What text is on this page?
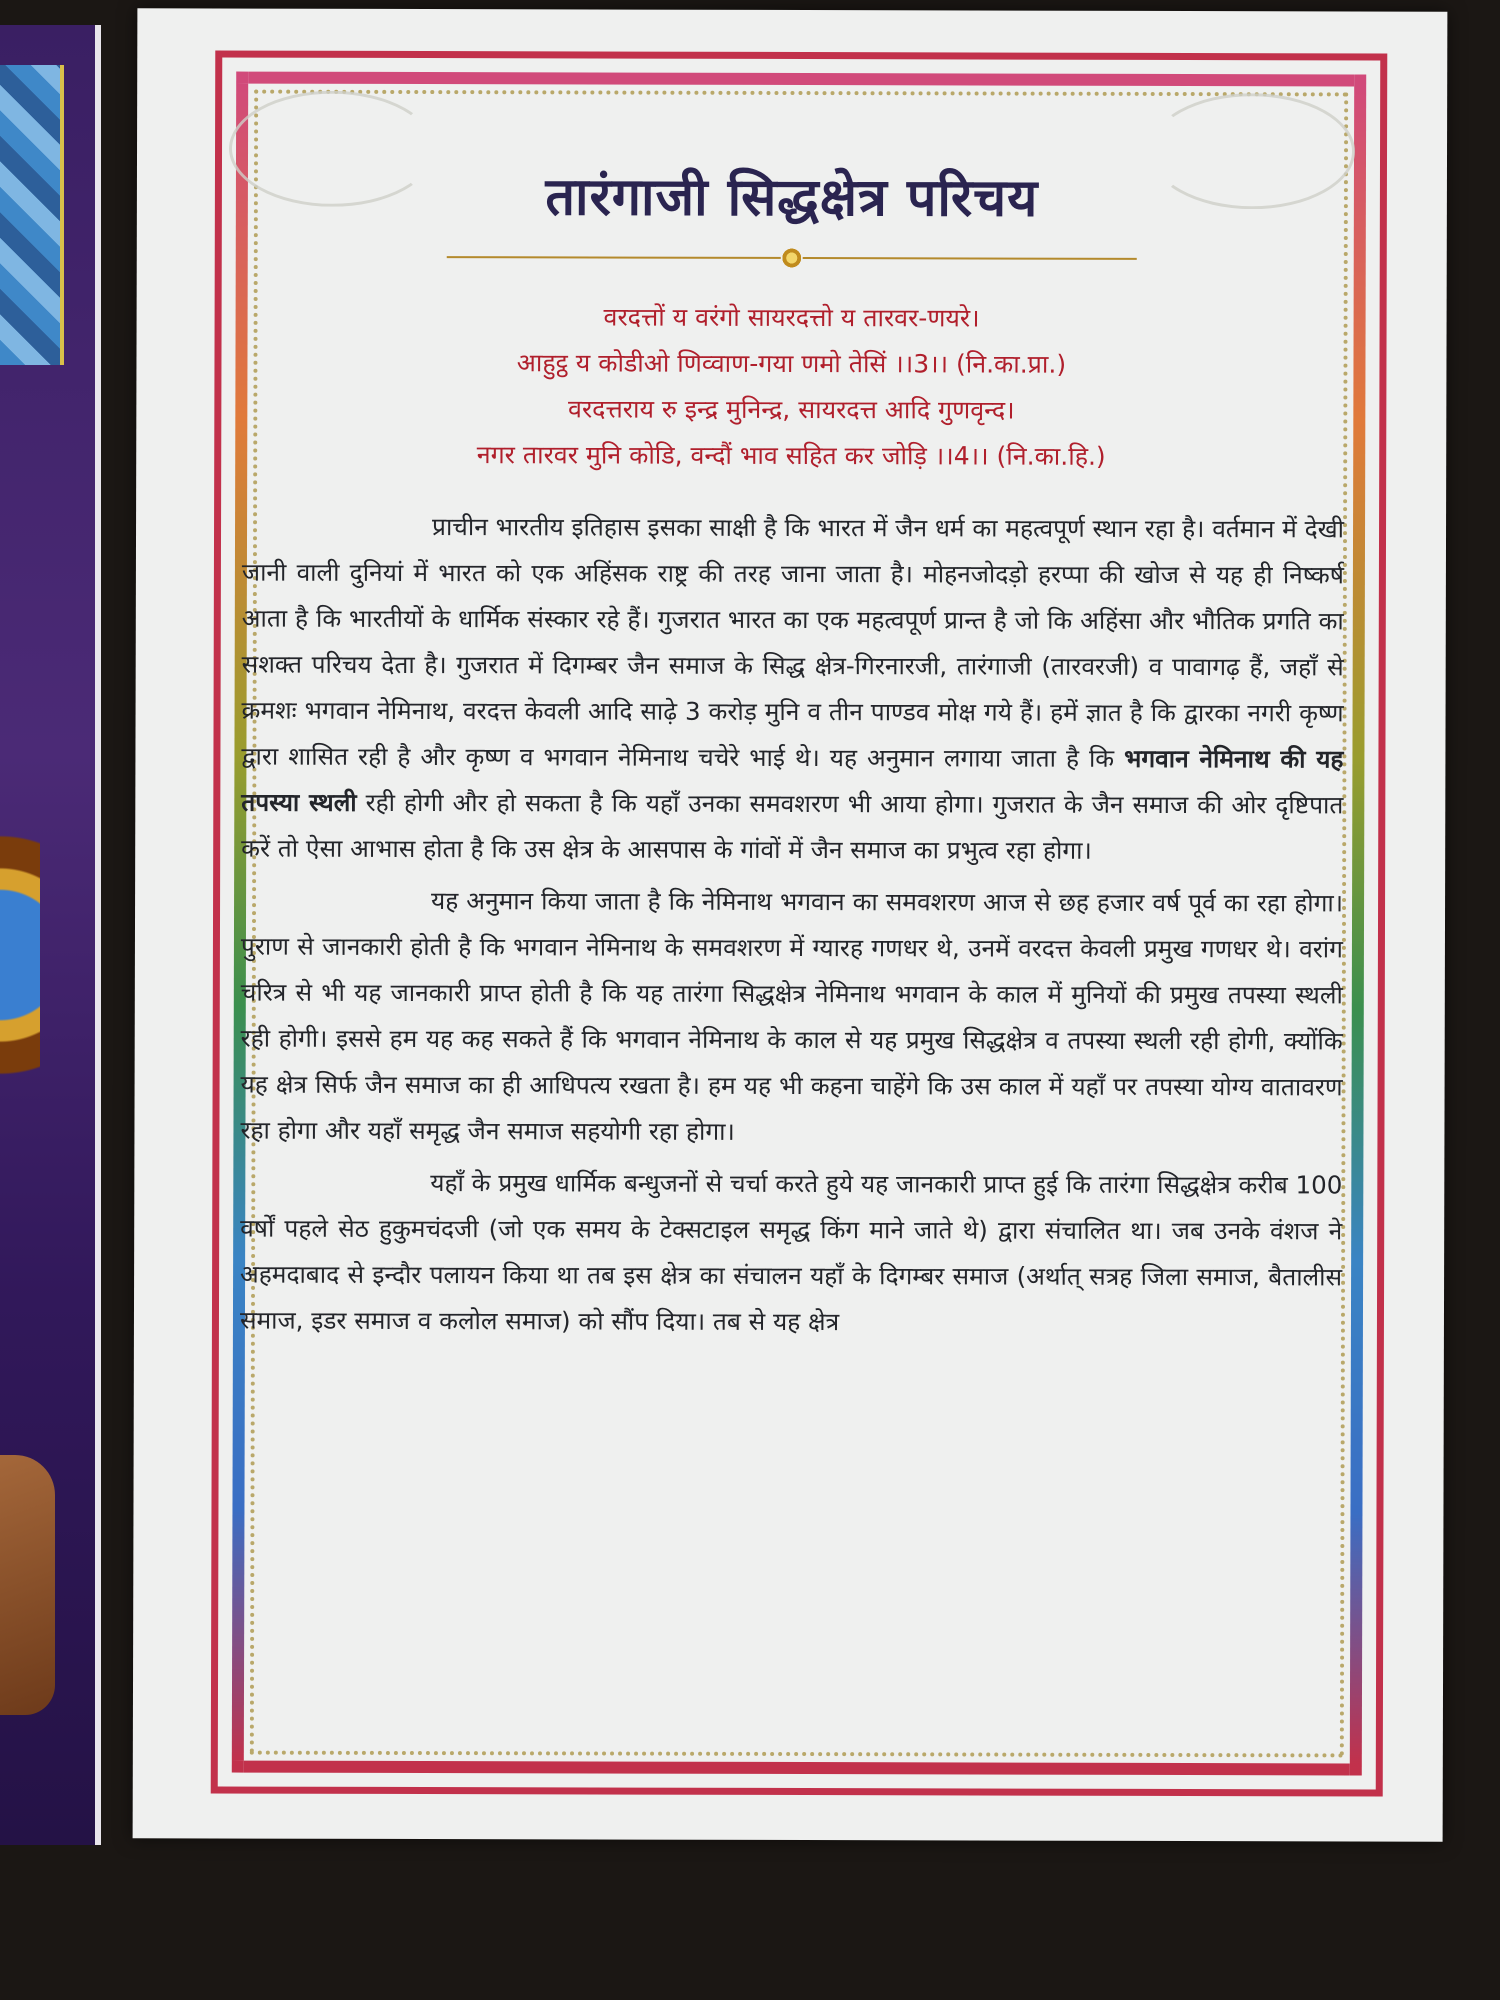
तारंगाजी सिद्धक्षेत्र परिचय
वरदत्तों य वरंगो सायरदत्तो य तारवर-णयरे।
आहुट्ठ य कोडीओ णिव्वाण-गया णमो तेसिं ।।3।। (नि.का.प्रा.)
वरदत्तराय रु इन्द्र मुनिन्द्र, सायरदत्त आदि गुणवृन्द।
नगर तारवर मुनि कोडि, वन्दौं भाव सहित कर जोड़ि ।।4।। (नि.का.हि.)

प्राचीन भारतीय इतिहास इसका साक्षी है कि भारत में जैन धर्म का महत्वपूर्ण स्थान रहा है। वर्तमान में देखी जानी वाली दुनियां में भारत को एक अहिंसक राष्ट्र की तरह जाना जाता है। मोहनजोदड़ो हरप्पा की खोज से यह ही निष्कर्ष आता है कि भारतीयों के धार्मिक संस्कार रहे हैं। गुजरात भारत का एक महत्वपूर्ण प्रान्त है जो कि अहिंसा और भौतिक प्रगति का सशक्त परिचय देता है। गुजरात में दिगम्बर जैन समाज के सिद्ध क्षेत्र-गिरनारजी, तारंगाजी (तारवरजी) व पावागढ़ हैं, जहाँ से क्रमशः भगवान नेमिनाथ, वरदत्त केवली आदि साढ़े 3 करोड़ मुनि व तीन पाण्डव मोक्ष गये हैं। हमें ज्ञात है कि द्वारका नगरी कृष्ण द्वारा शासित रही है और कृष्ण व भगवान नेमिनाथ चचेरे भाई थे। यह अनुमान लगाया जाता है कि भगवान नेमिनाथ की यह तपस्या स्थली रही होगी और हो सकता है कि यहाँ उनका समवशरण भी आया होगा। गुजरात के जैन समाज की ओर दृष्टिपात करें तो ऐसा आभास होता है कि उस क्षेत्र के आसपास के गांवों में जैन समाज का प्रभुत्व रहा होगा।

यह अनुमान किया जाता है कि नेमिनाथ भगवान का समवशरण आज से छह हजार वर्ष पूर्व का रहा होगा। पुराण से जानकारी होती है कि भगवान नेमिनाथ के समवशरण में ग्यारह गणधर थे, उनमें वरदत्त केवली प्रमुख गणधर थे। वरांग चरित्र से भी यह जानकारी प्राप्त होती है कि यह तारंगा सिद्धक्षेत्र नेमिनाथ भगवान के काल में मुनियों की प्रमुख तपस्या स्थली रही होगी। इससे हम यह कह सकते हैं कि भगवान नेमिनाथ के काल से यह प्रमुख सिद्धक्षेत्र व तपस्या स्थली रही होगी, क्योंकि यह क्षेत्र सिर्फ जैन समाज का ही आधिपत्य रखता है। हम यह भी कहना चाहेंगे कि उस काल में यहाँ पर तपस्या योग्य वातावरण रहा होगा और यहाँ समृद्ध जैन समाज सहयोगी रहा होगा।

यहाँ के प्रमुख धार्मिक बन्धुजनों से चर्चा करते हुये यह जानकारी प्राप्त हुई कि तारंगा सिद्धक्षेत्र करीब 100 वर्षों पहले सेठ हुकुमचंदजी (जो एक समय के टेक्सटाइल समृद्ध किंग माने जाते थे) द्वारा संचालित था। जब उनके वंशज ने अहमदाबाद से इन्दौर पलायन किया था तब इस क्षेत्र का संचालन यहाँ के दिगम्बर समाज (अर्थात् सत्रह जिला समाज, बैतालीस समाज, इडर समाज व कलोल समाज) को सौंप दिया। तब से यह क्षेत्र
